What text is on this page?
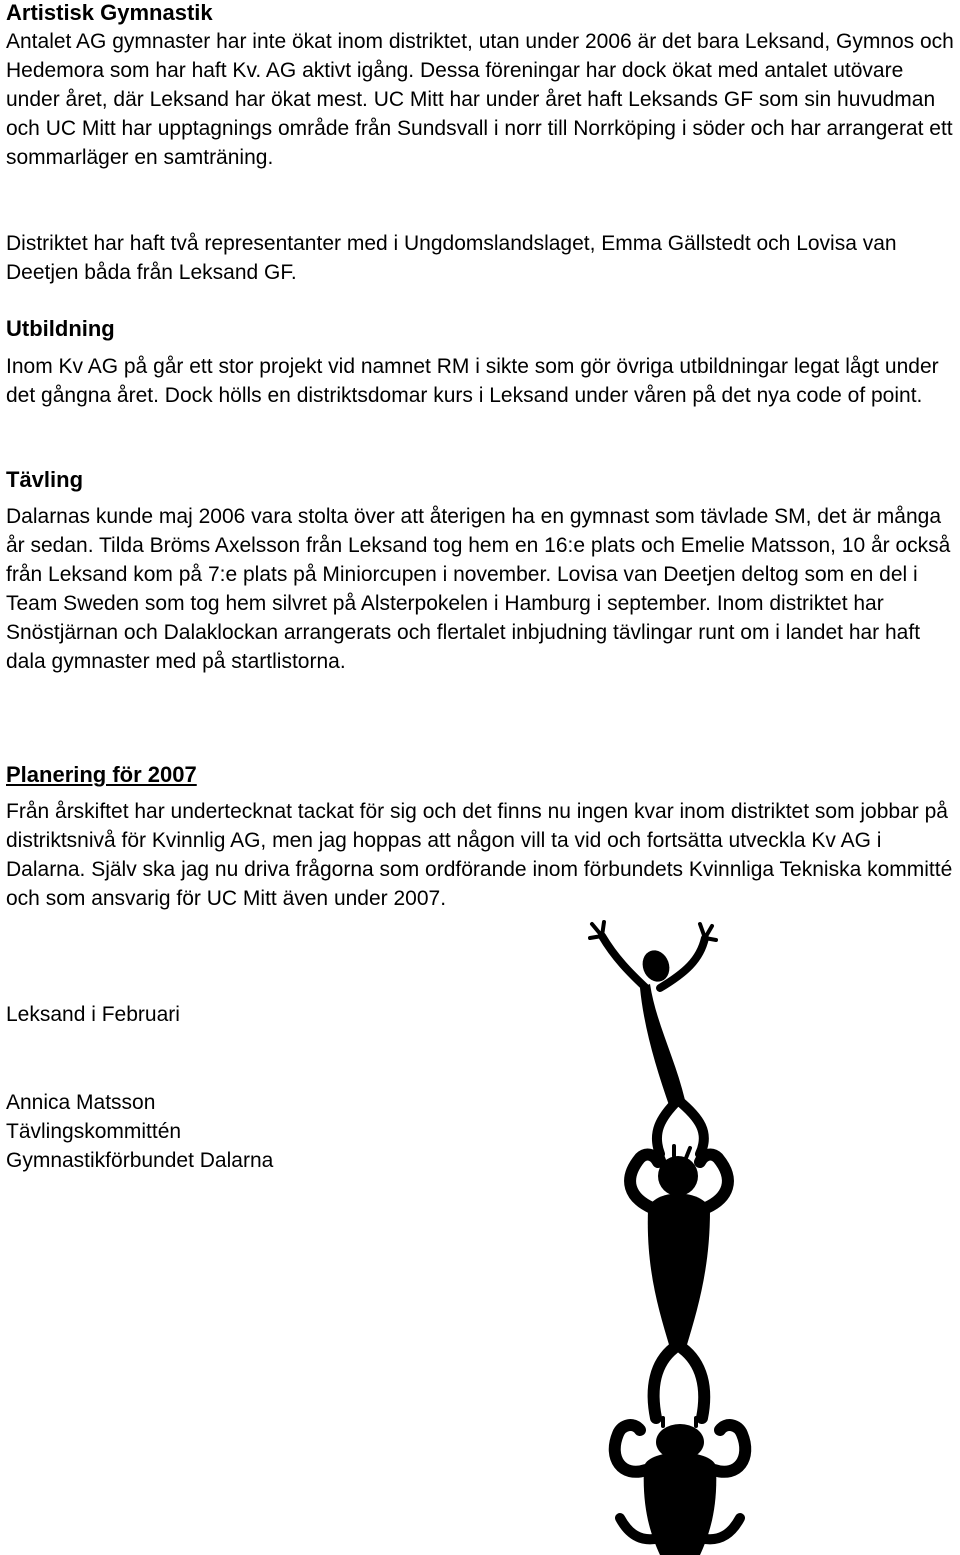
Artistisk Gymnastik

Antalet AG gymnaster har inte ökat inom distriktet, utan under 2006 är det bara Leksand, Gymnos och Hedemora som har haft Kv. AG aktivt igång. Dessa föreningar har dock ökat med antalet utövare under året, där Leksand har ökat mest. UC Mitt har under året haft Leksands GF som sin huvudman och UC Mitt har upptagnings område från Sundsvall i norr till Norrköping i söder och har arrangerat ett sommarläger en samträning.

Distriktet har haft två representanter med i Ungdomslandslaget, Emma Gällstedt och Lovisa van Deetjen båda från Leksand GF.

Utbildning

Inom Kv AG på går ett stor projekt vid namnet RM i sikte som gör övriga utbildningar legat lågt under det gångna året. Dock hölls en distriktsdomar kurs i Leksand under våren på det nya code of point.

Tävling

Dalarnas kunde maj 2006 vara stolta över att återigen ha en gymnast som tävlade SM, det är många år sedan. Tilda Bröms Axelsson från Leksand tog hem en 16:e plats och Emelie Matsson, 10 år också från Leksand kom på 7:e plats på Miniorcupen i november. Lovisa van Deetjen deltog som en del i Team Sweden som tog hem silvret på Alsterpokelen i Hamburg i september. Inom distriktet har Snöstjärnan och Dalaklockan arrangerats och flertalet inbjudning tävlingar runt om i landet har haft dala gymnaster med på startlistorna.

Planering för 2007

Från årskiftet har undertecknat tackat för sig och det finns nu ingen kvar inom distriktet som jobbar på distriktsnivå för Kvinnlig AG, men jag hoppas att någon vill ta vid och fortsätta utveckla Kv AG i Dalarna. Själv ska jag nu driva frågorna som ordförande inom förbundets Kvinnliga Tekniska kommitté och som ansvarig för UC Mitt även under 2007.

Leksand i Februari

Annica Matsson
Tävlingskommittén
Gymnastikförbundet Dalarna
